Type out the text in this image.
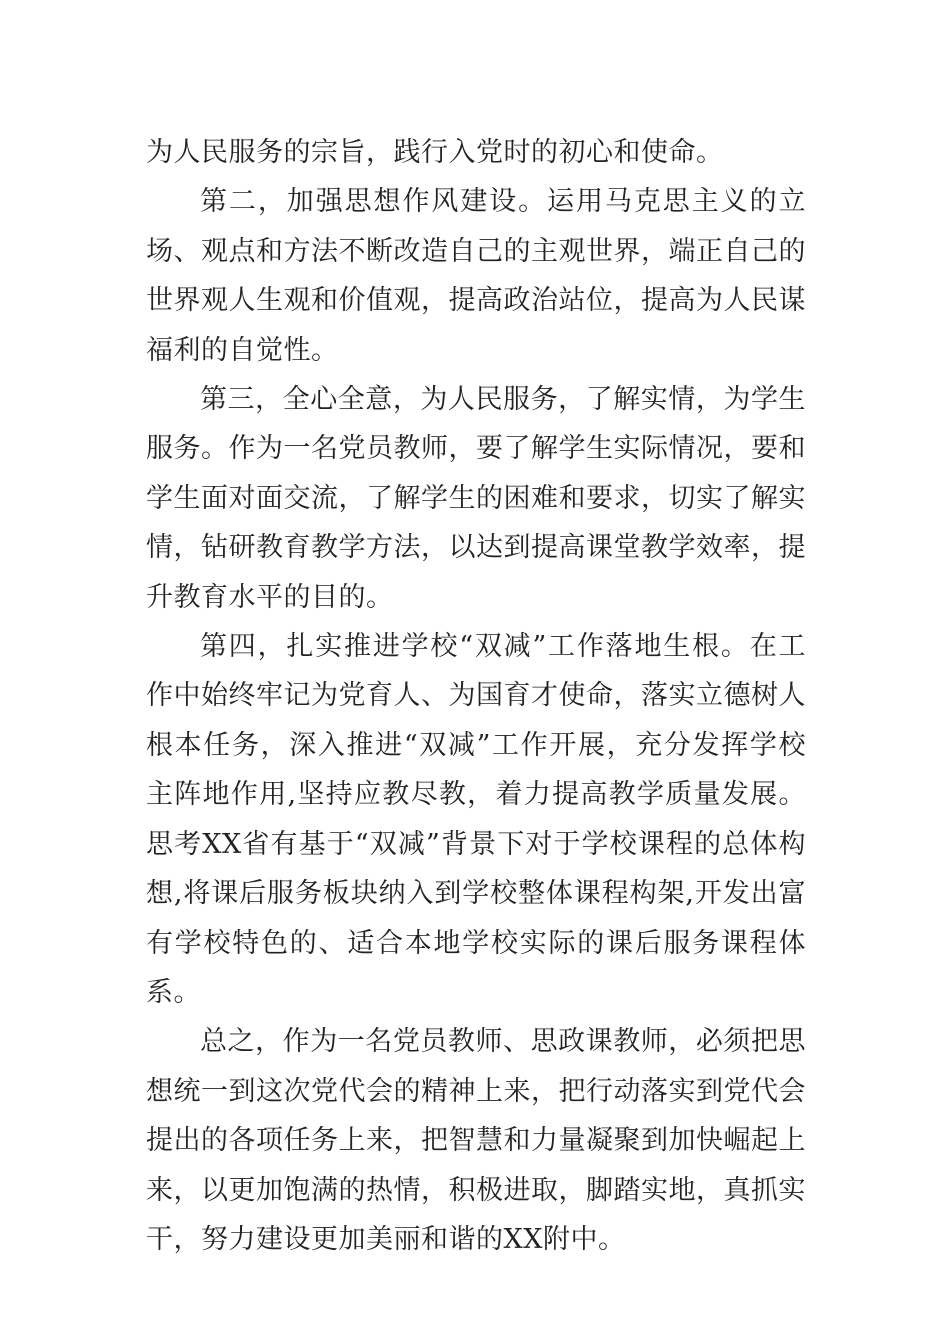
为人民服务的宗旨，践行入党时的初心和使命。

第二，加强思想作风建设。运用马克思主义的立场、观点和方法不断改造自己的主观世界，端正自己的世界观人生观和价值观，提高政治站位，提高为人民谋福利的自觉性。

第三，全心全意，为人民服务，了解实情，为学生服务。作为一名党员教师，要了解学生实际情况，要和学生面对面交流，了解学生的困难和要求，切实了解实情，钻研教育教学方法，以达到提高课堂教学效率，提升教育水平的目的。

第四，扎实推进学校“双减”工作落地生根。在工作中始终牢记为党育人、为国育才使命，落实立德树人根本任务，深入推进“双减”工作开展，充分发挥学校主阵地作用,坚持应教尽教，着力提高教学质量发展。思考XX省有基于“双减”背景下对于学校课程的总体构想,将课后服务板块纳入到学校整体课程构架,开发出富有学校特色的、适合本地学校实际的课后服务课程体系。

总之，作为一名党员教师、思政课教师，必须把思想统一到这次党代会的精神上来，把行动落实到党代会提出的各项任务上来，把智慧和力量凝聚到加快崛起上来，以更加饱满的热情，积极进取，脚踏实地，真抓实干，努力建设更加美丽和谐的XX附中。
